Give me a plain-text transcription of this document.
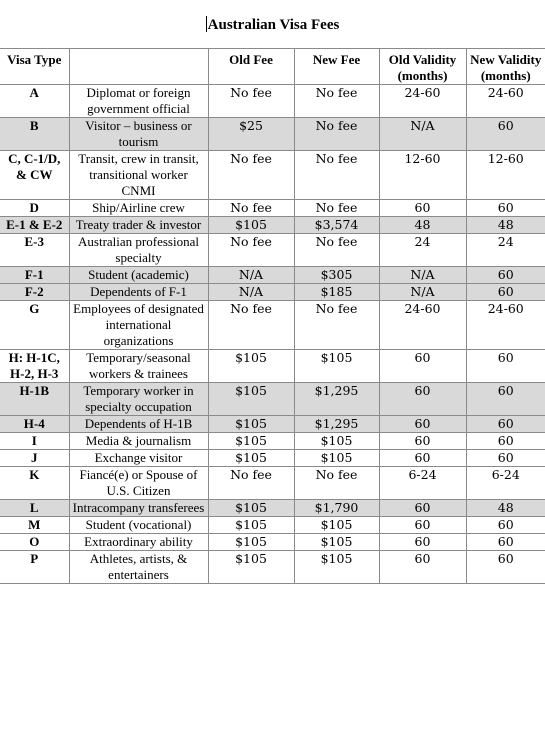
Australian Visa Fees
Visa Type		Old Fee	New Fee	Old Validity (months)	New Validity (months)
A	Diplomat or foreign government official	No fee	No fee	24-60	24-60
B	Visitor – business or tourism	$25	No fee	N/A	60
C, C-1/D, & CW	Transit, crew in transit, transitional worker CNMI	No fee	No fee	12-60	12-60
D	Ship/Airline crew	No fee	No fee	60	60
E-1 & E-2	Treaty trader & investor	$105	$3,574	48	48
E-3	Australian professional specialty	No fee	No fee	24	24
F-1	Student (academic)	N/A	$305	N/A	60
F-2	Dependents of F-1	N/A	$185	N/A	60
G	Employees of designated international organizations	No fee	No fee	24-60	24-60
H: H-1C, H-2, H-3	Temporary/seasonal workers & trainees	$105	$105	60	60
H-1B	Temporary worker in specialty occupation	$105	$1,295	60	60
H-4	Dependents of H-1B	$105	$1,295	60	60
I	Media & journalism	$105	$105	60	60
J	Exchange visitor	$105	$105	60	60
K	Fiancé(e) or Spouse of U.S. Citizen	No fee	No fee	6-24	6-24
L	Intracompany transferees	$105	$1,790	60	48
M	Student (vocational)	$105	$105	60	60
O	Extraordinary ability	$105	$105	60	60
P	Athletes, artists, & entertainers	$105	$105	60	60
